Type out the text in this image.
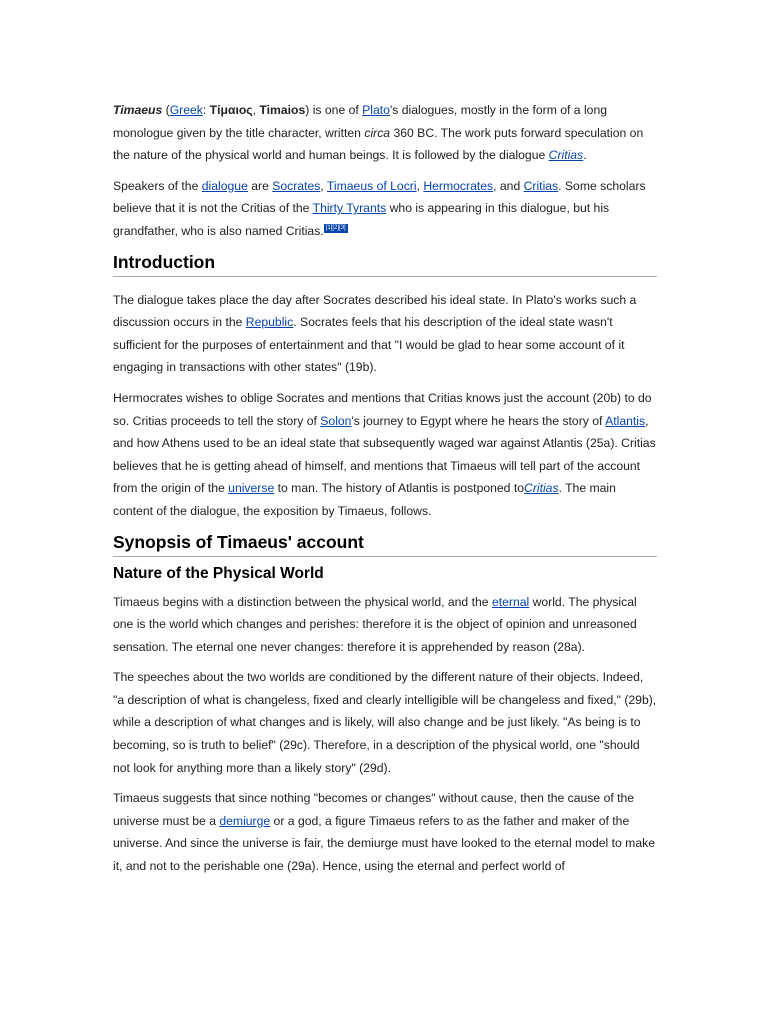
Timaeus (Greek: Τίμαιος, Timaios) is one of Plato's dialogues, mostly in the form of a long monologue given by the title character, written circa 360 BC. The work puts forward speculation on the nature of the physical world and human beings. It is followed by the dialogue Critias.

Speakers of the dialogue are Socrates, Timaeus of Locri, Hermocrates, and Critias. Some scholars believe that it is not the Critias of the Thirty Tyrants who is appearing in this dialogue, but his grandfather, who is also named Critias. [1][2][3]

Introduction

The dialogue takes place the day after Socrates described his ideal state. In Plato's works such a discussion occurs in the Republic. Socrates feels that his description of the ideal state wasn't sufficient for the purposes of entertainment and that "I would be glad to hear some account of it engaging in transactions with other states" (19b).

Hermocrates wishes to oblige Socrates and mentions that Critias knows just the account (20b) to do so. Critias proceeds to tell the story of Solon's journey to Egypt where he hears the story of Atlantis, and how Athens used to be an ideal state that subsequently waged war against Atlantis (25a). Critias believes that he is getting ahead of himself, and mentions that Timaeus will tell part of the account from the origin of the universe to man. The history of Atlantis is postponed toCritias. The main content of the dialogue, the exposition by Timaeus, follows.

Synopsis of Timaeus' account
Nature of the Physical World

Timaeus begins with a distinction between the physical world, and the eternal world. The physical one is the world which changes and perishes: therefore it is the object of opinion and unreasoned sensation. The eternal one never changes: therefore it is apprehended by reason (28a).

The speeches about the two worlds are conditioned by the different nature of their objects. Indeed, "a description of what is changeless, fixed and clearly intelligible will be changeless and fixed," (29b), while a description of what changes and is likely, will also change and be just likely. "As being is to becoming, so is truth to belief" (29c). Therefore, in a description of the physical world, one "should not look for anything more than a likely story" (29d).

Timaeus suggests that since nothing "becomes or changes" without cause, then the cause of the universe must be a demiurge or a god, a figure Timaeus refers to as the father and maker of the universe. And since the universe is fair, the demiurge must have looked to the eternal model to make it, and not to the perishable one (29a). Hence, using the eternal and perfect world of
